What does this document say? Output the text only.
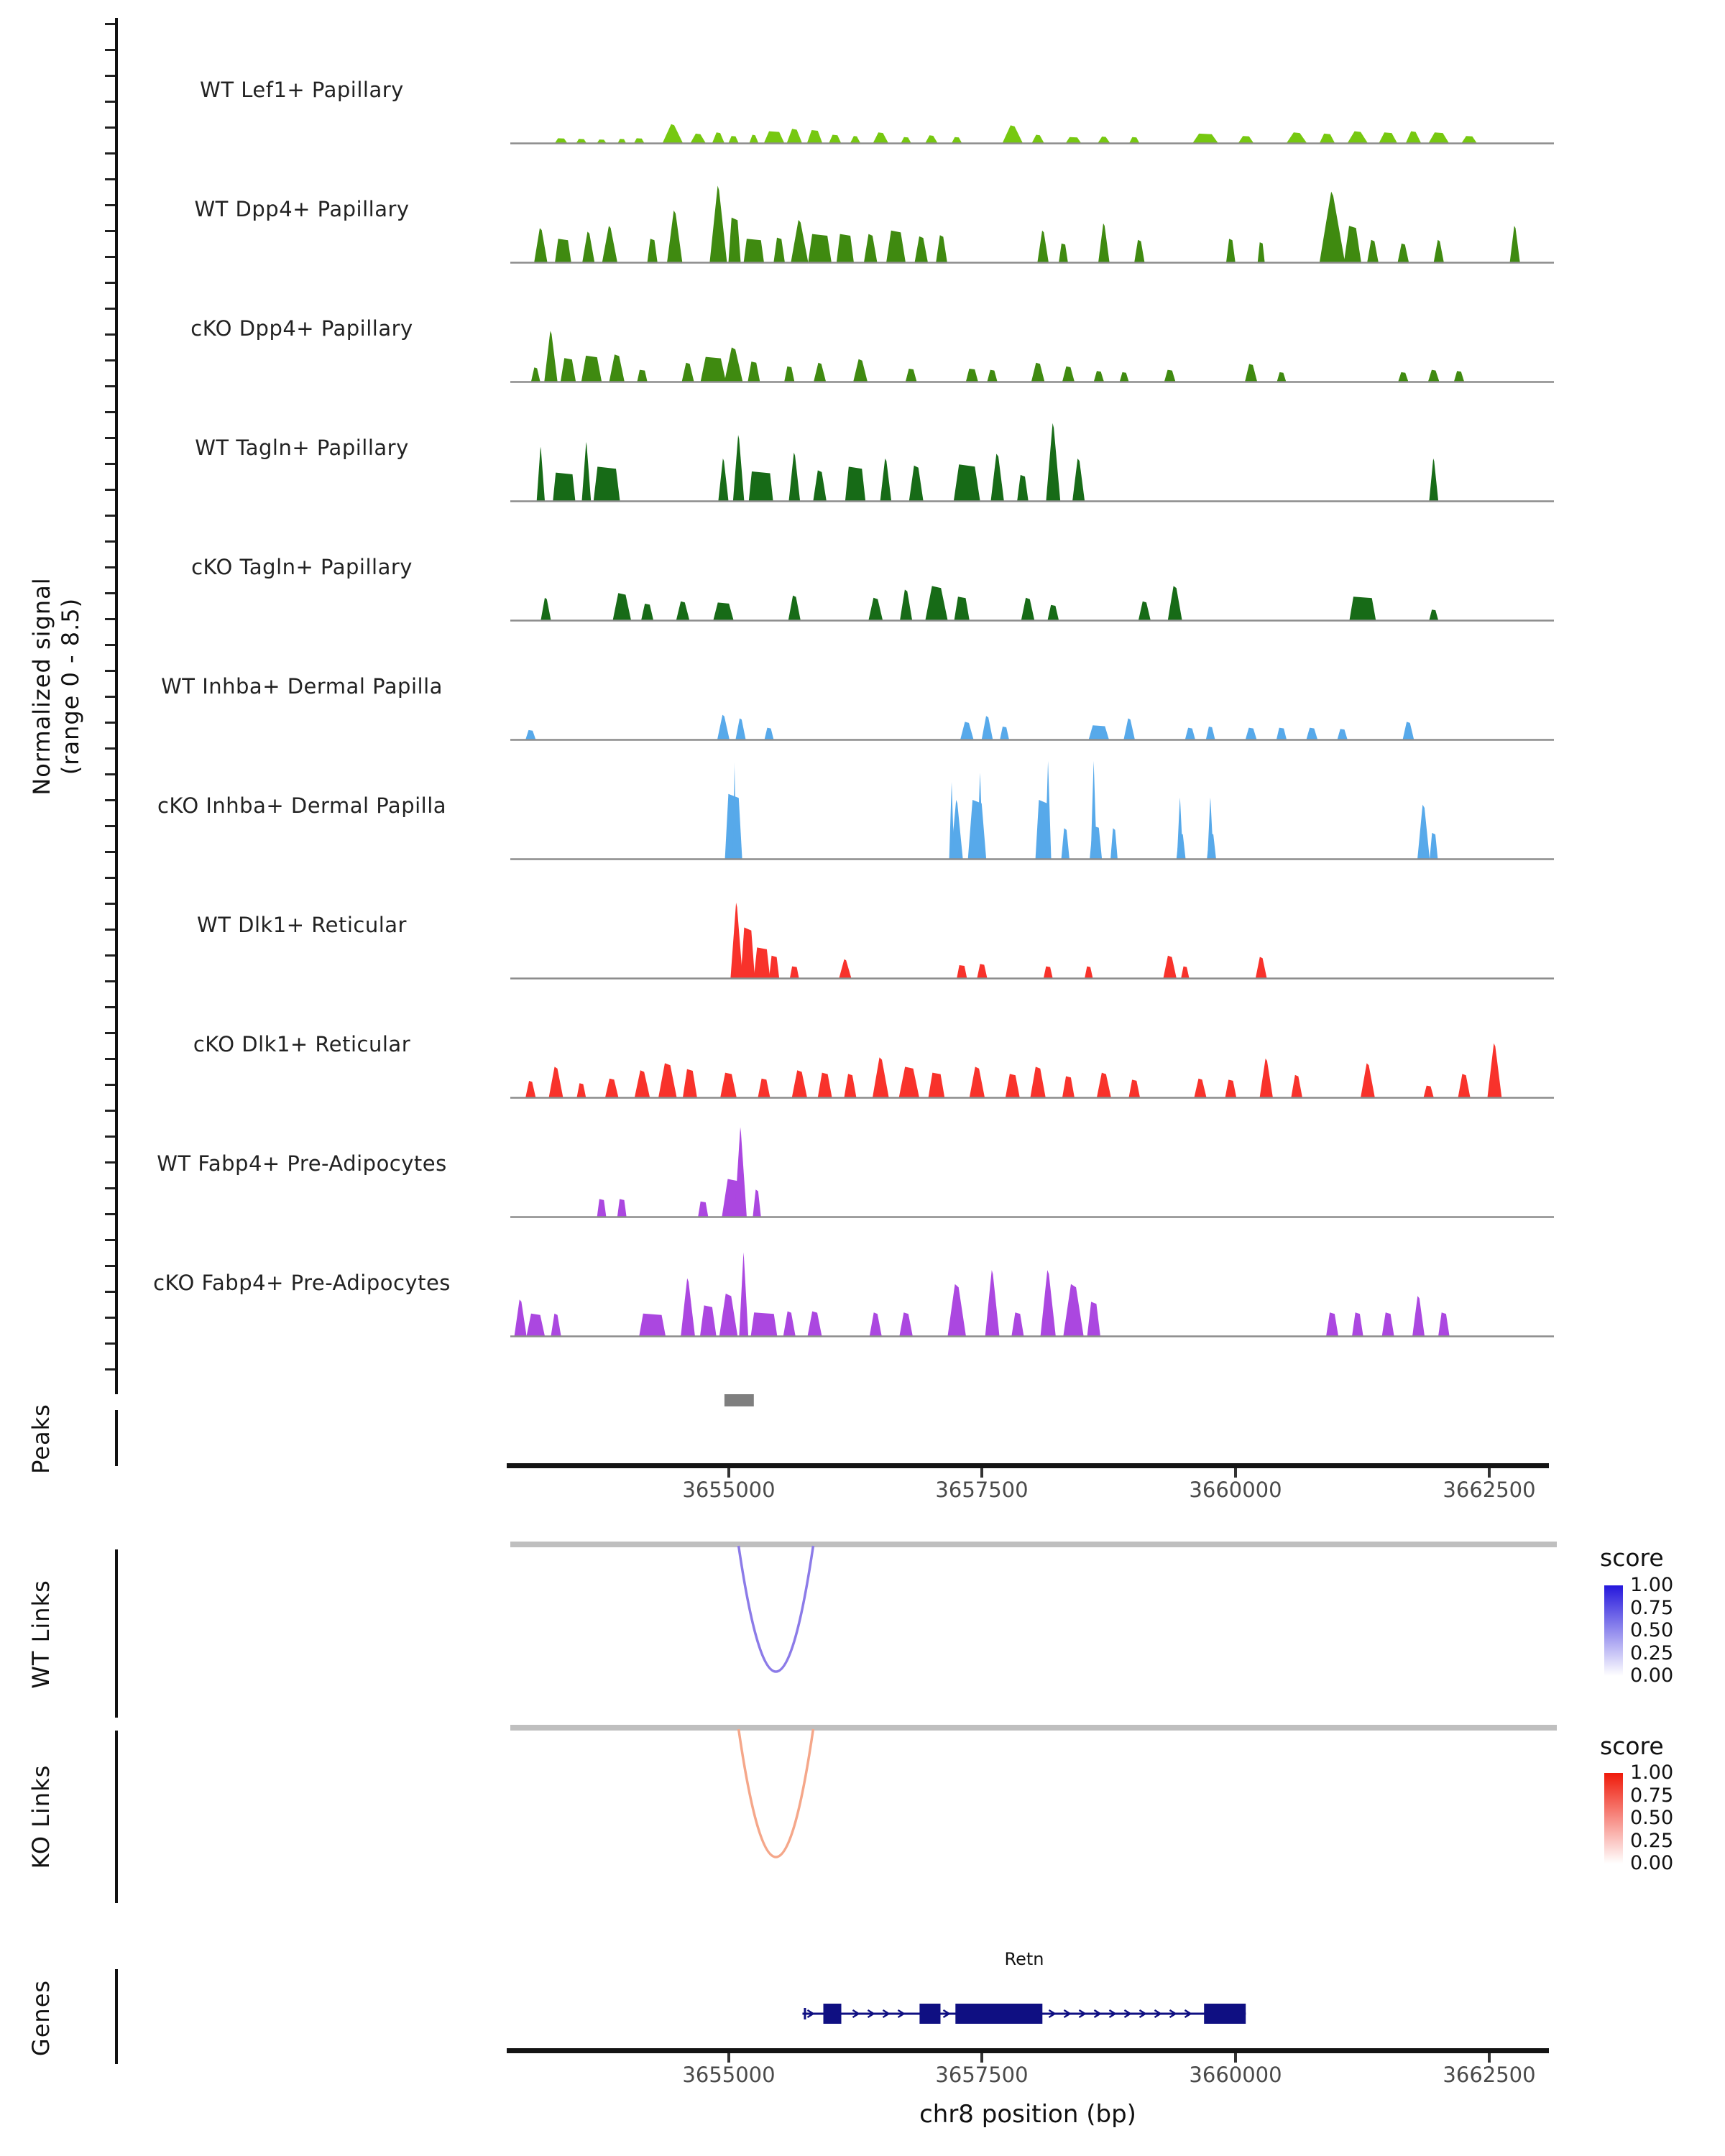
Normalized signal (range 0 - 8.5)
Peaks
WT Links
KO Links
Genes
WT Lef1+ Papillary
WT Dpp4+ Papillary
cKO Dpp4+ Papillary
WT Tagln+ Papillary
cKO Tagln+ Papillary
WT Inhba+ Dermal Papilla
cKO Inhba+ Dermal Papilla
WT Dlk1+ Reticular
cKO Dlk1+ Reticular
WT Fabp4+ Pre-Adipocytes
cKO Fabp4+ Pre-Adipocytes
3655000	3657500	3660000	3662500
score
score
1.00
0.75
0.50
0.25
0.00
1.00
0.75
0.50
0.25
0.00
Retn
3655000	3657500	3660000	3662500
chr8 position (bp)
